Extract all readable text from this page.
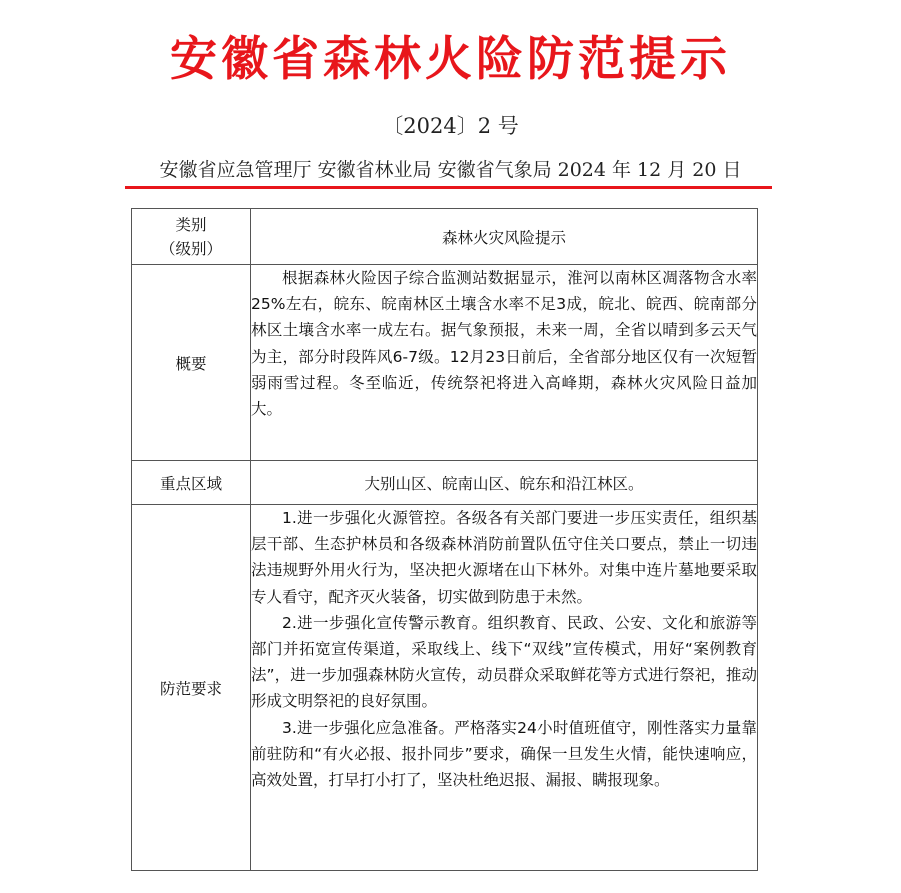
安徽省森林火险防范提示
〔2024〕2 号
安徽省应急管理厅 安徽省林业局 安徽省气象局 2024 年 12 月 20 日
类别
（级别）	森林火灾风险提示
概要	根据森林火险因子综合监测站数据显示，淮河以南林区凋落物含水率25%左右，皖东、皖南林区土壤含水率不足3成，皖北、皖西、皖南部分林区土壤含水率一成左右。据气象预报，未来一周，全省以晴到多云天气为主，部分时段阵风6-7级。12月23日前后，全省部分地区仅有一次短暂弱雨雪过程。冬至临近，传统祭祀将进入高峰期，森林火灾风险日益加大。

重点区域	大别山区、皖南山区、皖东和沿江林区。
防范要求	1.进一步强化火源管控。各级各有关部门要进一步压实责任，组织基层干部、生态护林员和各级森林消防前置队伍守住关口要点，禁止一切违法违规野外用火行为，坚决把火源堵在山下林外。对集中连片墓地要采取专人看守，配齐灭火装备，切实做到防患于未然。

2.进一步强化宣传警示教育。组织教育、民政、公安、文化和旅游等部门并拓宽宣传渠道，采取线上、线下“双线”宣传模式，用好“案例教育法”，进一步加强森林防火宣传，动员群众采取鲜花等方式进行祭祀，推动形成文明祭祀的良好氛围。

3.进一步强化应急准备。严格落实24小时值班值守，刚性落实力量靠前驻防和“有火必报、报扑同步”要求，确保一旦发生火情，能快速响应，高效处置，打早打小打了，坚决杜绝迟报、漏报、瞒报现象。
